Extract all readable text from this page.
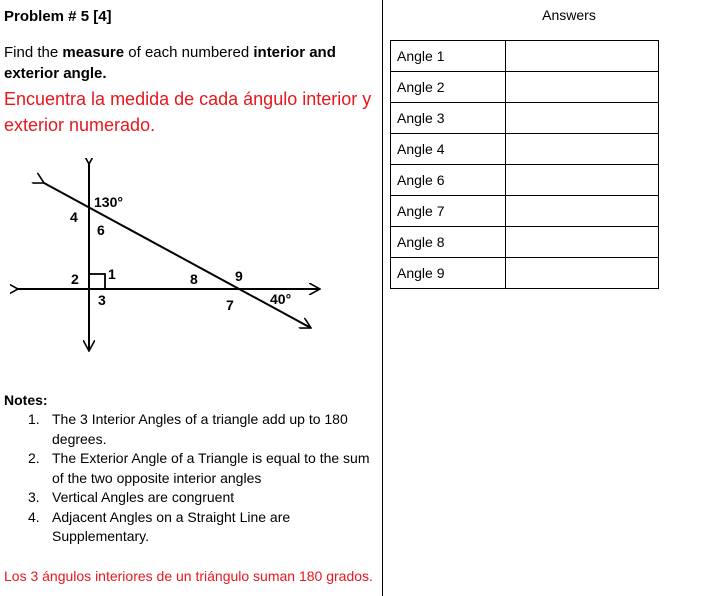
Problem # 5 [4]
Find the measure of each numbered interior and exterior angle.
Encuentra la medida de cada ángulo interior y exterior numerado.
130°
4
6
2 1
3
8	9
7	40°
Notes:
1. The 3 Interior Angles of a triangle add up to 180 degrees.
2. The Exterior Angle of a Triangle is equal to the sum of the two opposite interior angles
3. Vertical Angles are congruent
4. Adjacent Angles on a Straight Line are Supplementary.
Los 3 ángulos interiores de un triángulo suman 180 grados.
Answers
Angle 1	
Angle 2	
Angle 3	
Angle 4	
Angle 6	
Angle 7	
Angle 8	
Angle 9	
